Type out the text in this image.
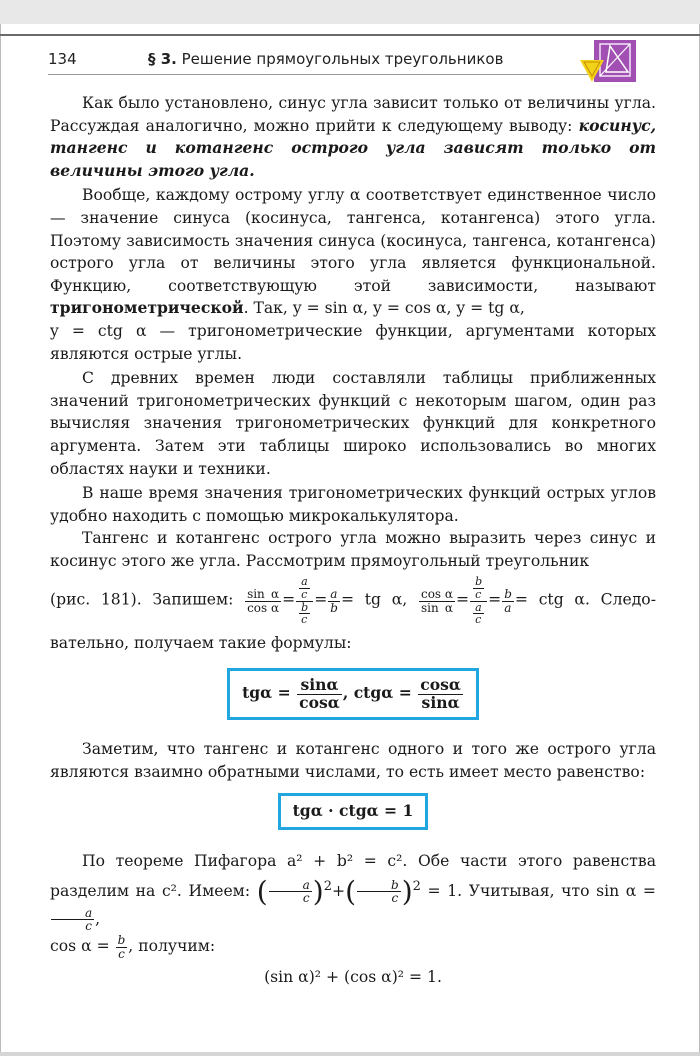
134	§ 3. Решение прямоугольных треугольников

Как было установлено, синус угла зависит только от величины угла. Рассуждая аналогично, можно прийти к следующему выводу: косинус, тангенс и котангенс острого угла зависят только от величины этого угла.

Вообще, каждому острому углу α соответствует единственное число — значение синуса (косинуса, тангенса, котангенса) этого угла. Поэтому зависимость значения синуса (косинуса, тангенса, котангенса) острого угла от величины этого угла является функциональной. Функцию, соответствующую этой зависимости, называют тригонометрической. Так, y = sin α, y = cos α, y = tg α,

y = ctg α — тригонометрические функции, аргументами которых являются острые углы.

С древних времен люди составляли таблицы приближенных значений тригонометрических функций с некоторым шагом, один раз вычисляя значения тригонометрических функций для конкретного аргумента. Затем эти таблицы широко использовались во многих областях науки и техники.

В наше время значения тригонометрических функций острых углов удобно находить с помощью микрокалькулятора.

Тангенс и котангенс острого угла можно выразить через синус и косинус этого же угла. Рассмотрим прямоугольный треугольник

(рис. 181). Запишем: $\frac{\text{sin α}}{\text{cos α}} = \frac{\frac{a}{c}}{\frac{b}{c}} = \frac{a}{b}$ = tg α, $\frac{\text{cos α}}{\text{sin α}} = \frac{\frac{b}{c}}{\frac{a}{c}} = \frac{b}{a}$ = ctg α. Следо-

вательно, получаем такие формулы:

$tg\alpha = \frac{\sin\alpha}{\cos\alpha}$ , $ctg\alpha = \frac{\cos\alpha}{\sin\alpha}$

Заметим, что тангенс и котангенс одного и того же острого угла являются взаимно обратными числами, то есть имеет место равенство:

tgα · ctgα = 1

По теореме Пифагора a² + b² = c². Обе части этого равенства разделим на c². Имеем: ( $\frac{a}{c} )^2+( \frac{b}{c} )^2 = 1$. Учитывая, что sin α =
$\frac{a}{c}$ ,

$\cos \alpha = \frac{b}{c}$ , получим:

(sin α)² + (cos α)² = 1.
